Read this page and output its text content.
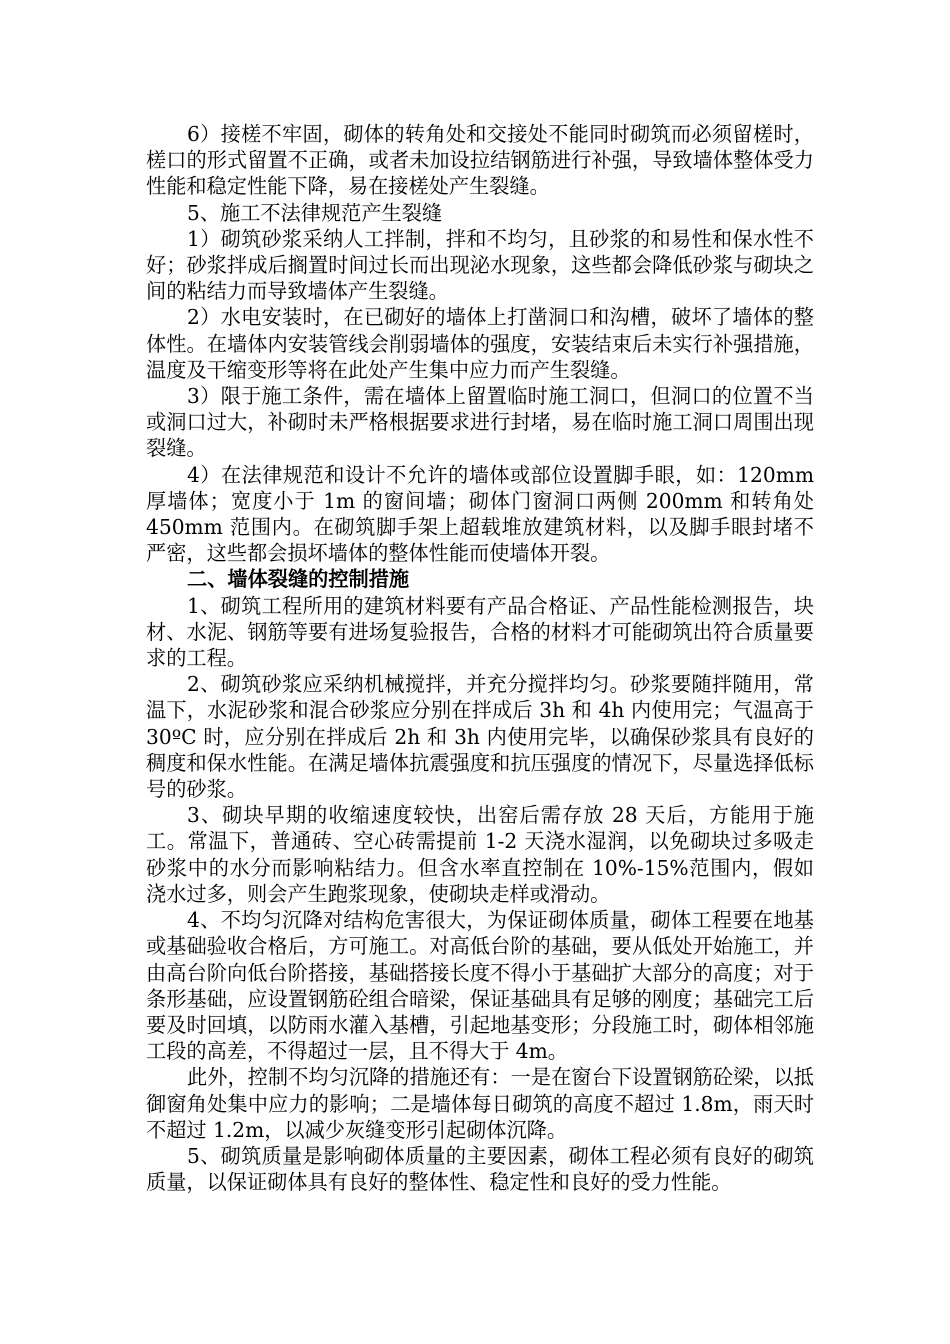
6）接槎不牢固，砌体的转角处和交接处不能同时砌筑而必须留槎时，槎口的形式留置不正确，或者未加设拉结钢筋进行补强，导致墙体整体受力性能和稳定性能下降，易在接槎处产生裂缝。

5、施工不法律规范产生裂缝

1）砌筑砂浆采纳人工拌制，拌和不均匀，且砂浆的和易性和保水性不好；砂浆拌成后搁置时间过长而出现泌水现象，这些都会降低砂浆与砌块之间的粘结力而导致墙体产生裂缝。

2）水电安装时，在已砌好的墙体上打凿洞口和沟槽，破坏了墙体的整体性。在墙体内安装管线会削弱墙体的强度，安装结束后未实行补强措施，温度及干缩变形等将在此处产生集中应力而产生裂缝。

3）限于施工条件，需在墙体上留置临时施工洞口，但洞口的位置不当或洞口过大，补砌时未严格根据要求进行封堵，易在临时施工洞口周围出现裂缝。

4）在法律规范和设计不允许的墙体或部位设置脚手眼，如：120mm 厚墙体；宽度小于 1m 的窗间墙；砌体门窗洞口两侧 200mm 和转角处 450mm 范围内。在砌筑脚手架上超载堆放建筑材料，以及脚手眼封堵不严密，这些都会损坏墙体的整体性能而使墙体开裂。

二、墙体裂缝的控制措施

1、砌筑工程所用的建筑材料要有产品合格证、产品性能检测报告，块材、水泥、钢筋等要有进场复验报告，合格的材料才可能砌筑出符合质量要求的工程。

2、砌筑砂浆应采纳机械搅拌，并充分搅拌均匀。砂浆要随拌随用，常温下，水泥砂浆和混合砂浆应分别在拌成后 3h 和 4h 内使用完；气温高于 30ºC 时，应分别在拌成后 2h 和 3h 内使用完毕，以确保砂浆具有良好的稠度和保水性能。在满足墙体抗震强度和抗压强度的情况下，尽量选择低标号的砂浆。

3、砌块早期的收缩速度较快，出窑后需存放 28 天后，方能用于施工。常温下，普通砖、空心砖需提前 1-2 天浇水湿润，以免砌块过多吸走砂浆中的水分而影响粘结力。但含水率直控制在 10%-15%范围内，假如浇水过多，则会产生跑浆现象，使砌块走样或滑动。

4、不均匀沉降对结构危害很大，为保证砌体质量，砌体工程要在地基或基础验收合格后，方可施工。对高低台阶的基础，要从低处开始施工，并由高台阶向低台阶搭接，基础搭接长度不得小于基础扩大部分的高度；对于条形基础，应设置钢筋砼组合暗梁，保证基础具有足够的刚度；基础完工后要及时回填，以防雨水灌入基槽，引起地基变形；分段施工时，砌体相邻施工段的高差，不得超过一层，且不得大于 4m。

此外，控制不均匀沉降的措施还有：一是在窗台下设置钢筋砼梁，以抵御窗角处集中应力的影响；二是墙体每日砌筑的高度不超过 1.8m，雨天时不超过 1.2m，以减少灰缝变形引起砌体沉降。

5、砌筑质量是影响砌体质量的主要因素，砌体工程必须有良好的砌筑质量，以保证砌体具有良好的整体性、稳定性和良好的受力性能。
